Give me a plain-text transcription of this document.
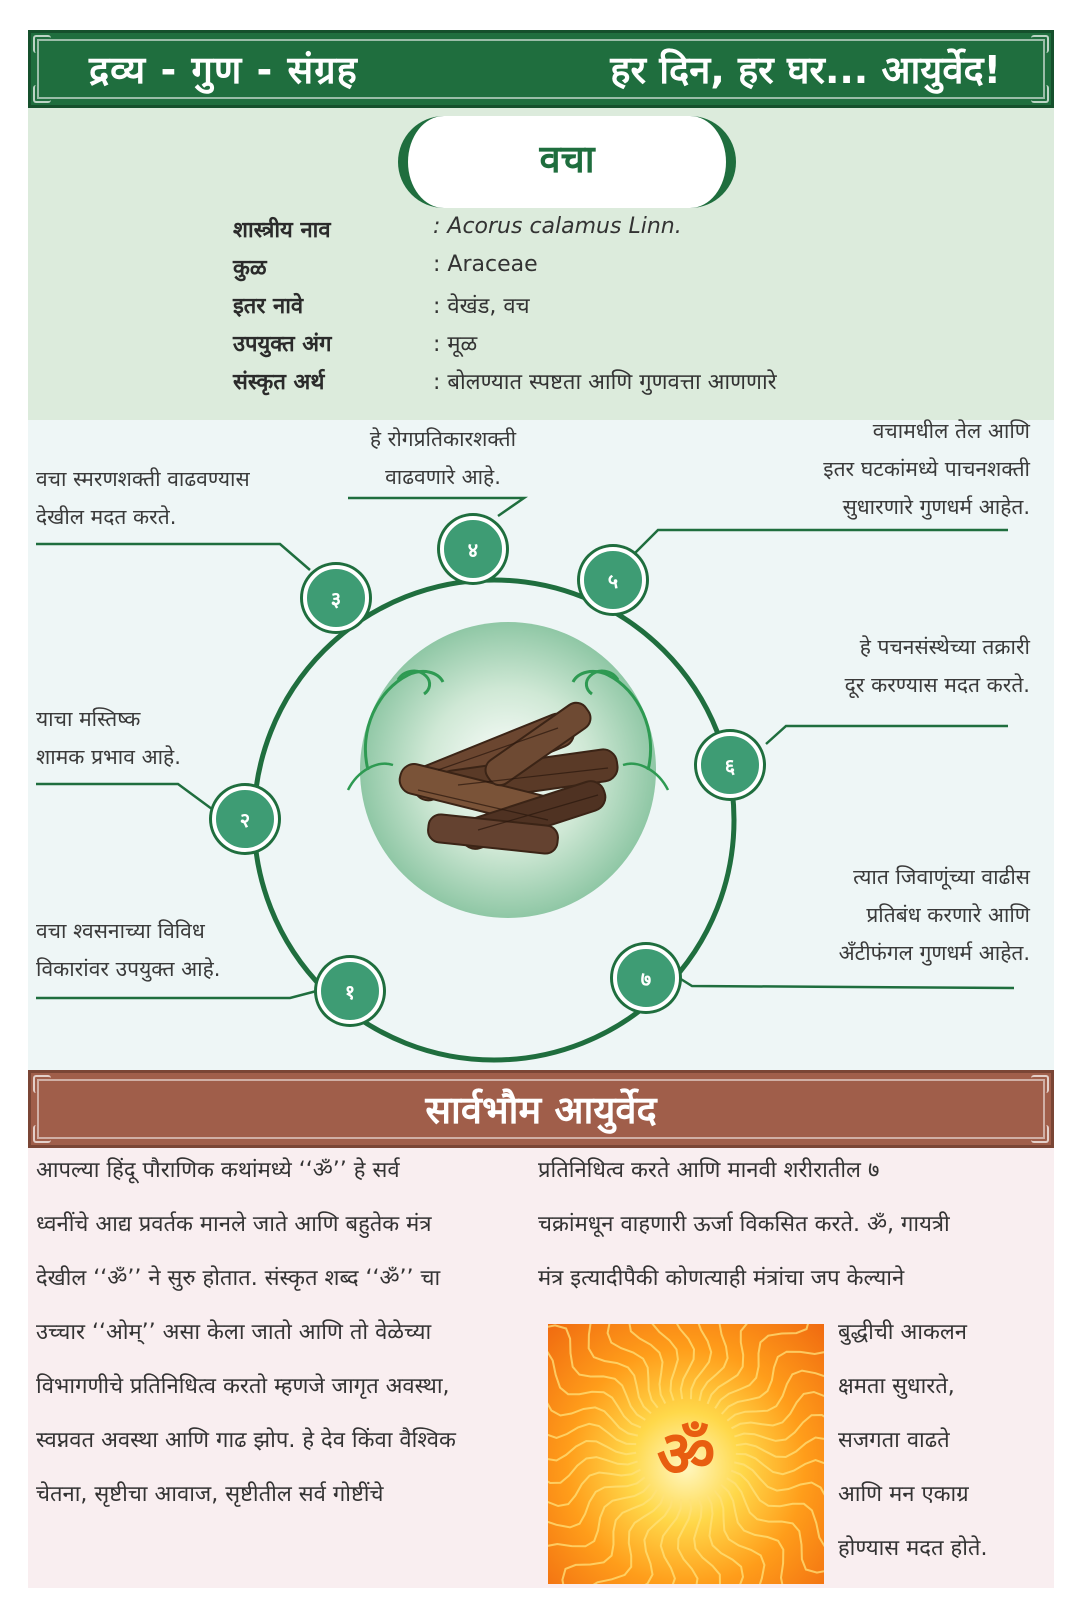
द्रव्य - गुण - संग्रह	हर दिन, हर घर... आयुर्वेद!
वचा
शास्त्रीय नाव	: Acorus calamus Linn.
कुळ	: Araceae
इतर नावे	: वेखंड, वच
उपयुक्त अंग	: मूळ
संस्कृत अर्थ	: बोलण्यात स्पष्टता आणि गुणवत्ता आणणारे
१
२
३
४
५
६
७
वचा श्वसनाच्या विविध
विकारांवर उपयुक्त आहे.
याचा मस्तिष्क
शामक प्रभाव आहे.
वचा स्मरणशक्ती वाढवण्यास
देखील मदत करते.
हे रोगप्रतिकारशक्ती
वाढवणारे आहे.
वचामधील तेल आणि
इतर घटकांमध्ये पाचनशक्ती
सुधारणारे गुणधर्म आहेत.
हे पचनसंस्थेच्या तक्रारी
दूर करण्यास मदत करते.
त्यात जिवाणूंच्या वाढीस
प्रतिबंध करणारे आणि
अँटीफंगल गुणधर्म आहेत.
सार्वभौम आयुर्वेद
आपल्या हिंदू पौराणिक कथांमध्ये ‘‘ॐ’’ हे सर्व
ध्वनींचे आद्य प्रवर्तक मानले जाते आणि बहुतेक मंत्र
देखील ‘‘ॐ’’ ने सुरु होतात. संस्कृत शब्द ‘‘ॐ’’ चा
उच्चार ‘‘ओम्’’ असा केला जातो आणि तो वेळेच्या
विभागणीचे प्रतिनिधित्व करतो म्हणजे जागृत अवस्था,
स्वप्नवत अवस्था आणि गाढ झोप. हे देव किंवा वैश्विक
चेतना, सृष्टीचा आवाज, सृष्टीतील सर्व गोष्टींचे
प्रतिनिधित्व करते आणि मानवी शरीरातील ७
चक्रांमधून वाहणारी ऊर्जा विकसित करते. ॐ, गायत्री
मंत्र इत्यादीपैकी कोणत्याही मंत्रांचा जप केल्याने
ॐ
बुद्धीची आकलन
क्षमता सुधारते,
सजगता वाढते
आणि मन एकाग्र
होण्यास मदत होते.
